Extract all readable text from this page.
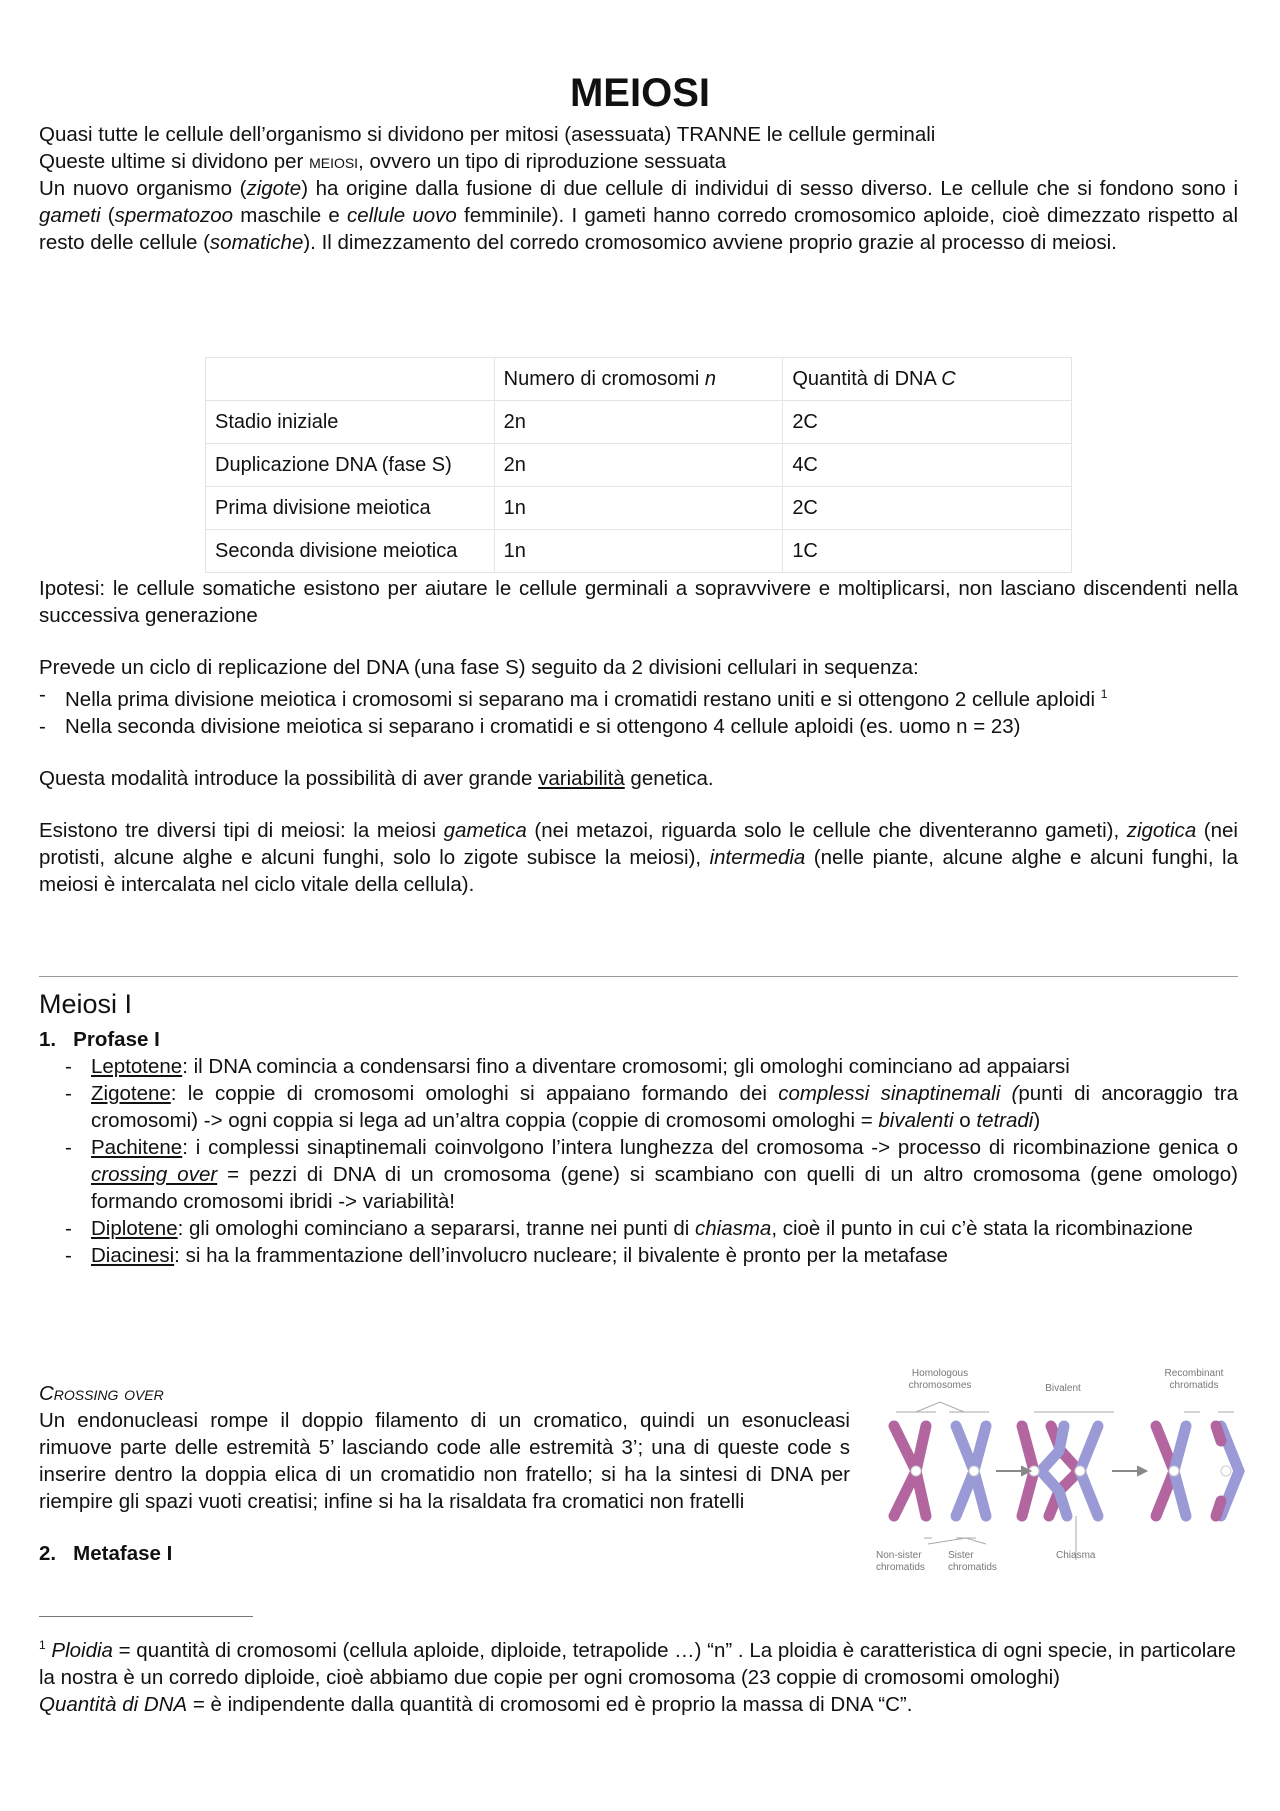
MEIOSI

Quasi tutte le cellule dell’organismo si dividono per mitosi (asessuata) TRANNE le cellule germinali

Queste ultime si dividono per meiosi, ovvero un tipo di riproduzione sessuata

Un nuovo organismo (zigote) ha origine dalla fusione di due cellule di individui di sesso diverso. Le cellule che si fondono sono i gameti (spermatozoo maschile e cellule uovo femminile). I gameti hanno corredo cromosomico aploide, cioè dimezzato rispetto al resto delle cellule (somatiche). Il dimezzamento del corredo cromosomico avviene proprio grazie al processo di meiosi.

	Numero di cromosomi n	Quantità di DNA C
Stadio iniziale	2n	2C
Duplicazione DNA (fase S)	2n	4C
Prima divisione meiotica	1n	2C
Seconda divisione meiotica	1n	1C

Ipotesi: le cellule somatiche esistono per aiutare le cellule germinali a sopravvivere e moltiplicarsi, non lasciano discendenti nella successiva generazione

Prevede un ciclo di replicazione del DNA (una fase S) seguito da 2 divisioni cellulari in sequenza:

- Nella prima divisione meiotica i cromosomi si separano ma i cromatidi restano uniti e si ottengono 2 cellule aploidi $^1$
- Nella seconda divisione meiotica si separano i cromatidi e si ottengono 4 cellule aploidi (es. uomo n = 23)

Questa modalità introduce la possibilità di aver grande variabilità genetica.

Esistono tre diversi tipi di meiosi: la meiosi gametica (nei metazoi, riguarda solo le cellule che diventeranno gameti), zigotica (nei protisti, alcune alghe e alcuni funghi, solo lo zigote subisce la meiosi), intermedia (nelle piante, alcune alghe e alcuni funghi, la meiosi è intercalata nel ciclo vitale della cellula).

Meiosi I
1.   Profase I
- Leptotene: il DNA comincia a condensarsi fino a diventare cromosomi; gli omologhi cominciano ad appaiarsi
- Zigotene: le coppie di cromosomi omologhi si appaiano formando dei complessi sinaptinemali (punti di ancoraggio tra cromosomi) -> ogni coppia si lega ad un’altra coppia (coppie di cromosomi omologhi = bivalenti o tetradi)
- Pachitene: i complessi sinaptinemali coinvolgono l’intera lunghezza del cromosoma -> processo di ricombinazione genica o crossing over = pezzi di DNA di un cromosoma (gene) si scambiano con quelli di un altro cromosoma (gene omologo) formando cromosomi ibridi -> variabilità!
- Diplotene: gli omologhi cominciano a separarsi, tranne nei punti di chiasma, cioè il punto in cui c’è stata la ricombinazione
- Diacinesi: si ha la frammentazione dell’involucro nucleare; il bivalente è pronto per la metafase
Crossing over

Un endonucleasi rompe il doppio filamento di un cromatico, quindi un esonucleasi rimuove parte delle estremità 5’ lasciando code alle estremità 3’; una di queste code s inserire dentro la doppia elica di un cromatidio non fratello; si ha la sintesi di DNA per riempire gli spazi vuoti creatisi; infine si ha la risaldata fra cromatici non fratelli

2.   Metafase I
Homologous chromosomes	Bivalent
Recombinant chromatids
Non-sister chromatids
Sister chromatids
Chiasma

$^1$ Ploidia = quantità di cromosomi (cellula aploide, diploide, tetrapolide …) “n” . La ploidia è caratteristica di ogni specie, in particolare la nostra è un corredo diploide, cioè abbiamo due copie per ogni cromosoma (23 coppie di cromosomi omologhi)

Quantità di DNA = è indipendente dalla quantità di cromosomi ed è proprio la massa di DNA “C”.
